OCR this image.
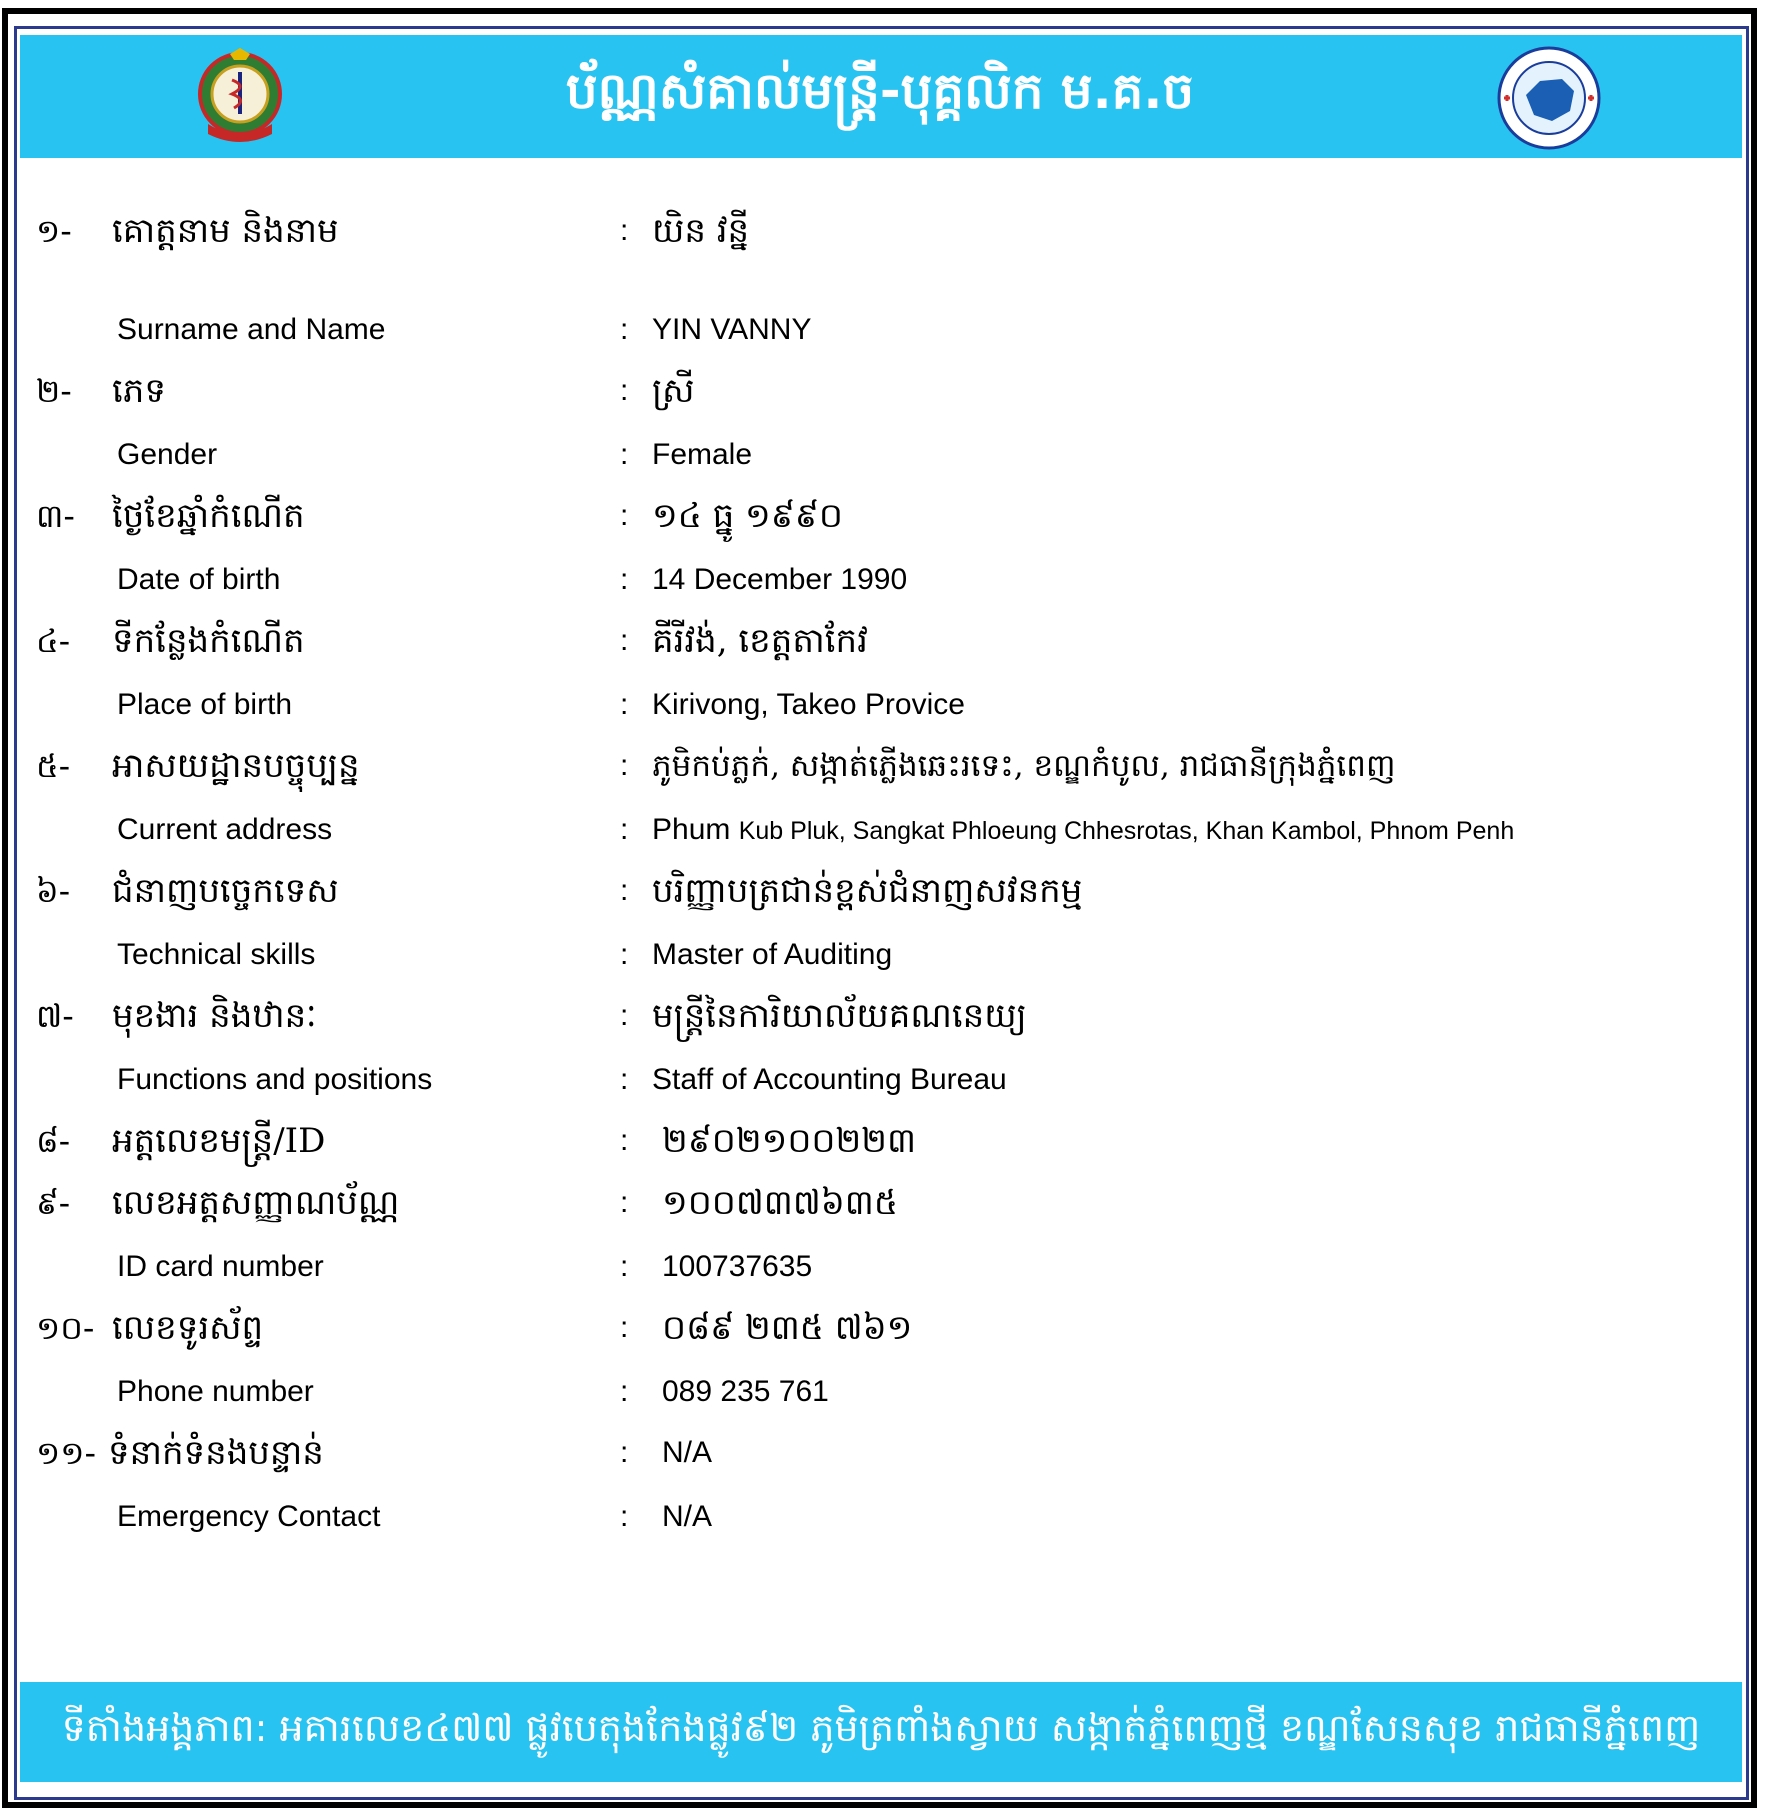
ប័ណ្ណសំគាល់មន្ត្រី-បុគ្គលិក ម.គ.ច
១- គោត្តនាម និងនាម	: យិន វន្នី
Surname and Name	: YIN VANNY
២- ភេទ	: ស្រី
Gender	: Female
៣- ថ្ងៃខែឆ្នាំកំណើត	: ១៤ ធ្នូ ១៩៩០
Date of birth	: 14 December 1990
៤- ទីកន្លែងកំណើត	: គីរីវង់, ខេត្តតាកែវ
Place of birth	: Kirivong, Takeo Provice
៥- អាសយដ្ឋានបច្ចុប្បន្ន	: ភូមិកប់ភ្លក់, សង្កាត់ភ្លើងឆេះរទេះ, ខណ្ឌកំបូល, រាជធានីក្រុងភ្នំពេញ
Current address	: Phum Kub Pluk, Sangkat Phloeung Chhesrotas, Khan Kambol, Phnom Penh
៦- ជំនាញបច្ចេកទេស	: បរិញ្ញាបត្រជាន់ខ្ពស់ជំនាញសវនកម្ម
Technical skills	: Master of Auditing
៧- មុខងារ និងឋានៈ	: មន្ត្រីនៃការិយាល័យគណនេយ្យ
Functions and positions	: Staff of Accounting Bureau
៨- អត្តលេខមន្ត្រី/ID	: ២៩០២១០០២២៣
៩- លេខអត្តសញ្ញាណប័ណ្ណ	: ១០០៧៣៧៦៣៥
ID card number	: 100737635
១០- លេខទូរស័ព្ទ	: ០៨៩ ២៣៥ ៧៦១
Phone number	: 089 235 761
១១- ទំនាក់ទំនងបន្ទាន់	: N/A
Emergency Contact	: N/A
ទីតាំងអង្គភាព: អគារលេខ៤៧៧ ផ្លូវបេតុងកែងផ្លូវ៩២ ភូមិត្រពាំងស្វាយ សង្កាត់ភ្នំពេញថ្មី ខណ្ឌសែនសុខ រាជធានីភ្នំពេញ
